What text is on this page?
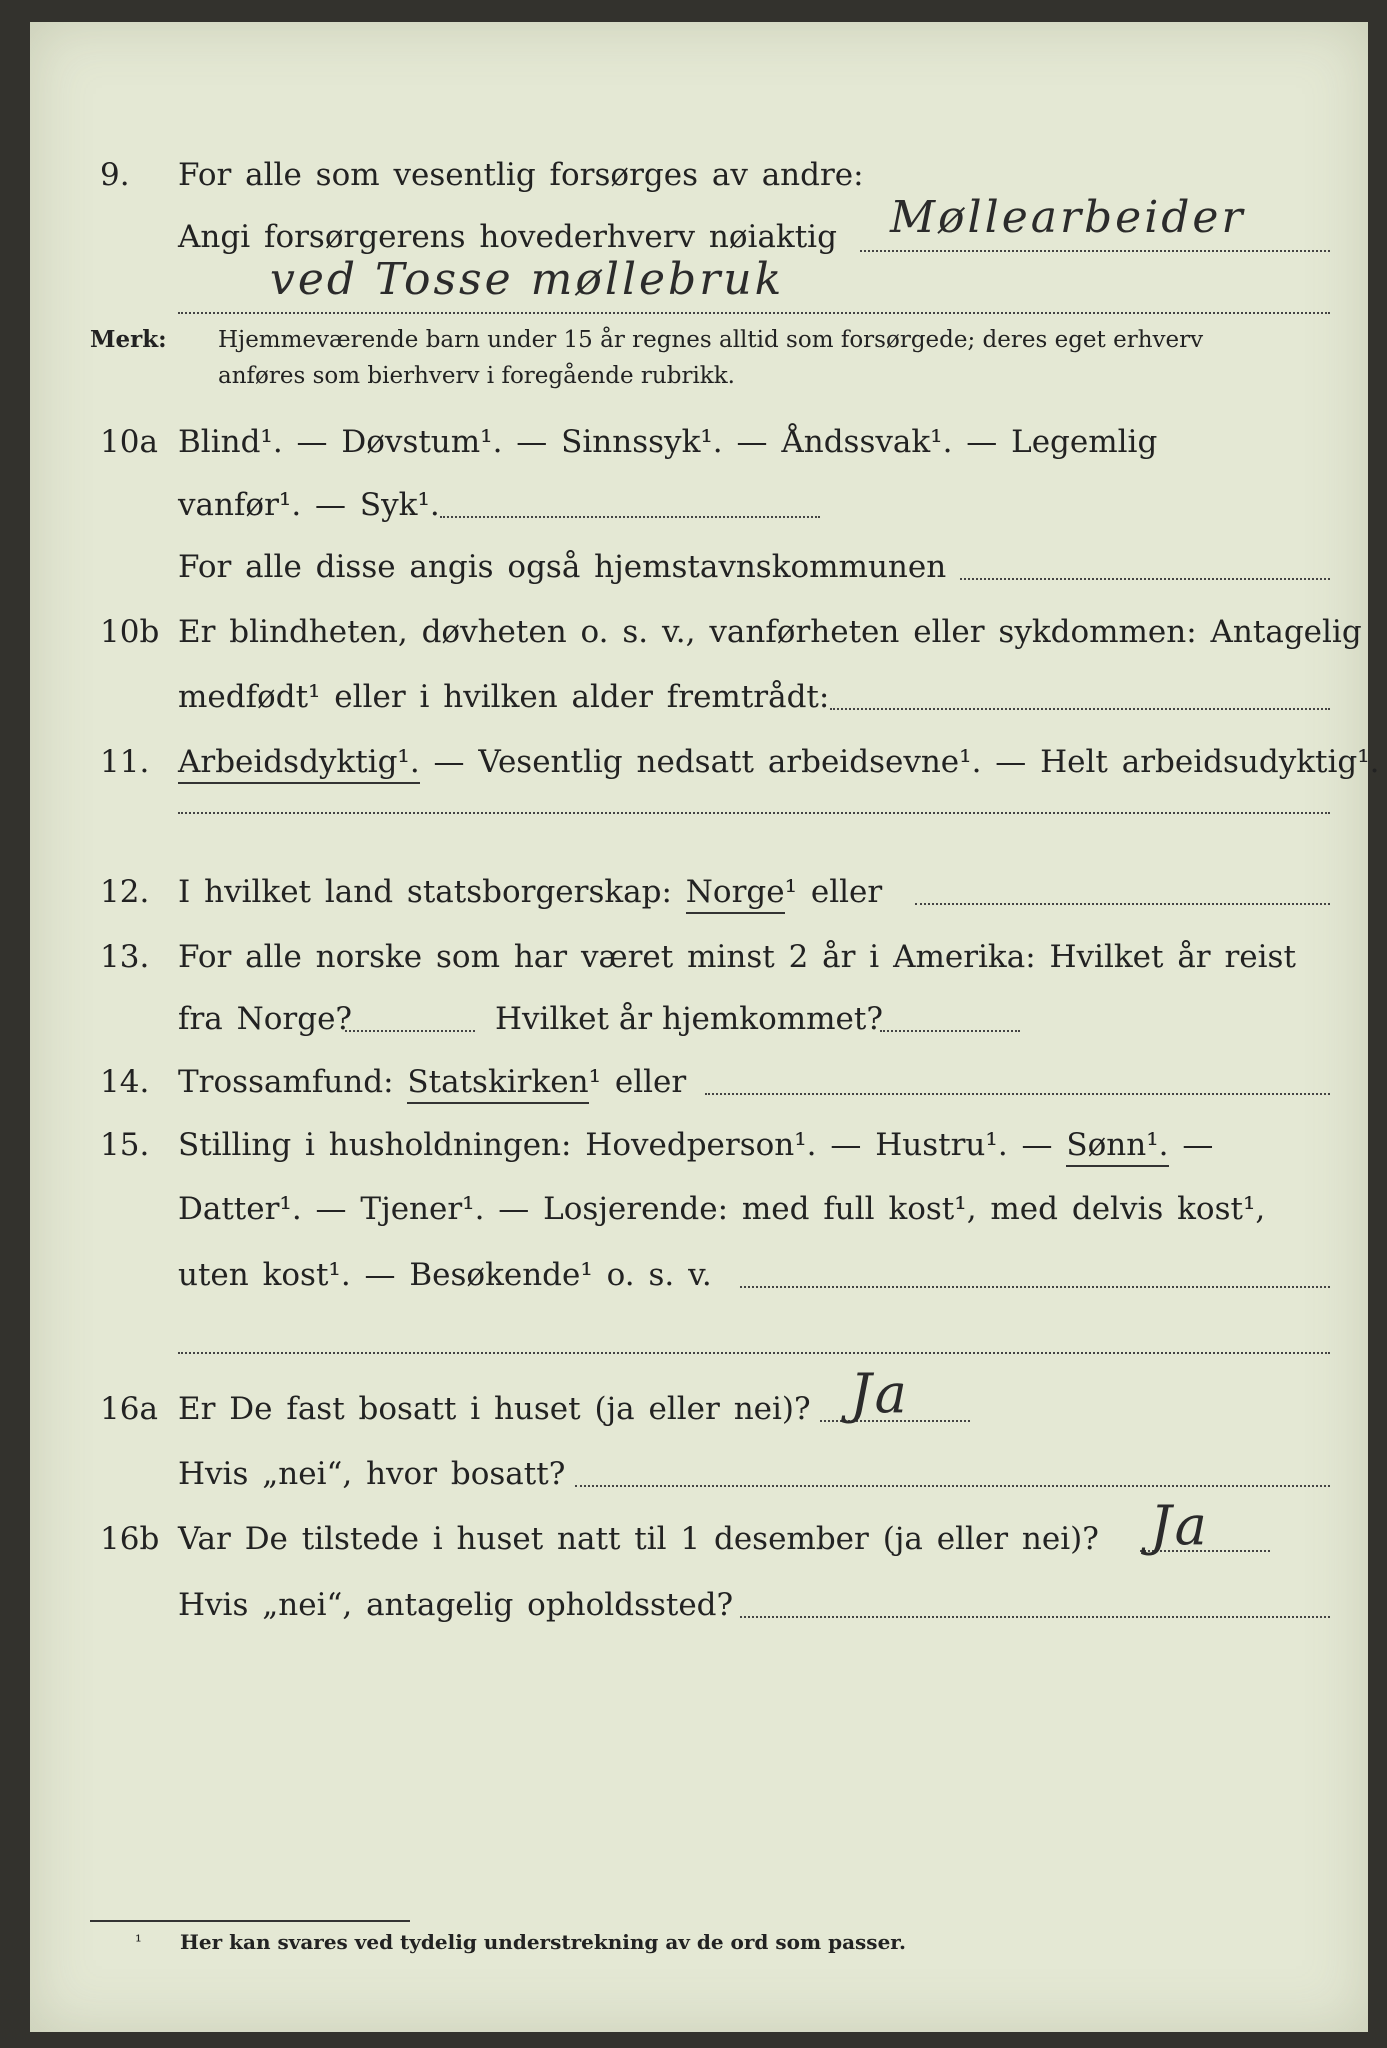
9. For alle som vesentlig forsørges av andre:
Angi forsørgerens hovederhverv nøiaktig Møllearbeider
ved Tosse møllebruk
Merk: Hjemmeværende barn under 15 år regnes alltid som forsørgede; deres eget erhverv
anføres som bierhverv i foregående rubrikk.
10a Blind¹. — Døvstum¹. — Sinnssyk¹. — Åndssvak¹. — Legemlig
vanfør¹. — Syk¹.
For alle disse angis også hjemstavnskommunen
10b Er blindheten, døvheten o. s. v., vanførheten eller sykdommen: Antagelig
medfødt¹ eller i hvilken alder fremtrådt:
11. Arbeidsdyktig¹. — Vesentlig nedsatt arbeidsevne¹. — Helt arbeidsudyktig¹.
12. I hvilket land statsborgerskap: Norge¹ eller
13. For alle norske som har været minst 2 år i Amerika: Hvilket år reist
fra Norge?	Hvilket år hjemkommet?
14. Trossamfund: Statskirken¹ eller
15. Stilling i husholdningen: Hovedperson¹. — Hustru¹. — Sønn¹. —
Datter¹. — Tjener¹. — Losjerende: med full kost¹, med delvis kost¹,
uten kost¹. — Besøkende¹ o. s. v.
16a Er De fast bosatt i huset (ja eller nei)? Ja
Hvis „nei“, hvor bosatt?
16b Var De tilstede i huset natt til 1 desember (ja eller nei)? Ja
Hvis „nei“, antagelig opholdssted?
¹ Her kan svares ved tydelig understrekning av de ord som passer.
